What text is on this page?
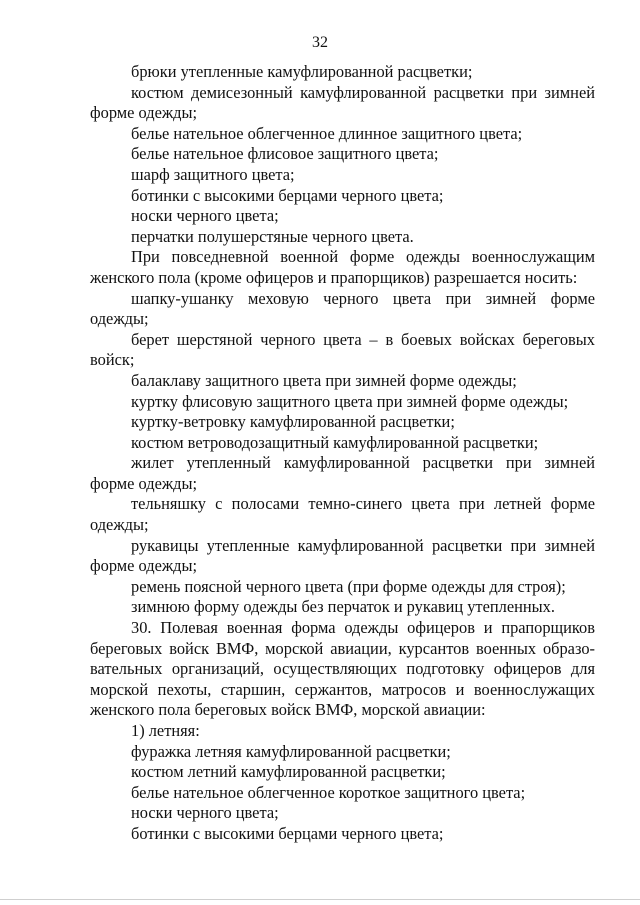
32

брюки утепленные камуфлированной расцветки;

костюм демисезонный камуфлированной расцветки при зимней форме одежды;

белье нательное облегченное длинное защитного цвета;

белье нательное флисовое защитного цвета;

шарф защитного цвета;

ботинки с высокими берцами черного цвета;

носки черного цвета;

перчатки полушерстяные черного цвета.

При повседневной военной форме одежды военнослужащим женского пола (кроме офицеров и прапорщиков) разрешается носить:

шапку-ушанку меховую черного цвета при зимней форме одежды;

берет шерстяной черного цвета – в боевых войсках береговых войск;

балаклаву защитного цвета при зимней форме одежды;

куртку флисовую защитного цвета при зимней форме одежды;

куртку-ветровку камуфлированной расцветки;

костюм ветроводозащитный камуфлированной расцветки;

жилет утепленный камуфлированной расцветки при зимней форме одежды;

тельняшку с полосами темно-синего цвета при летней форме одежды;

рукавицы утепленные камуфлированной расцветки при зимней форме одежды;

ремень поясной черного цвета (при форме одежды для строя);

зимнюю форму одежды без перчаток и рукавиц утепленных.

30. Полевая военная форма одежды офицеров и прапорщиков береговых войск ВМФ, морской авиации, курсантов военных образо-вательных организаций, осуществляющих подготовку офицеров для морской пехоты, старшин, сержантов, матросов и военнослужащих женского пола береговых войск ВМФ, морской авиации:

1) летняя:

фуражка летняя камуфлированной расцветки;

костюм летний камуфлированной расцветки;

белье нательное облегченное короткое защитного цвета;

носки черного цвета;

ботинки с высокими берцами черного цвета;
